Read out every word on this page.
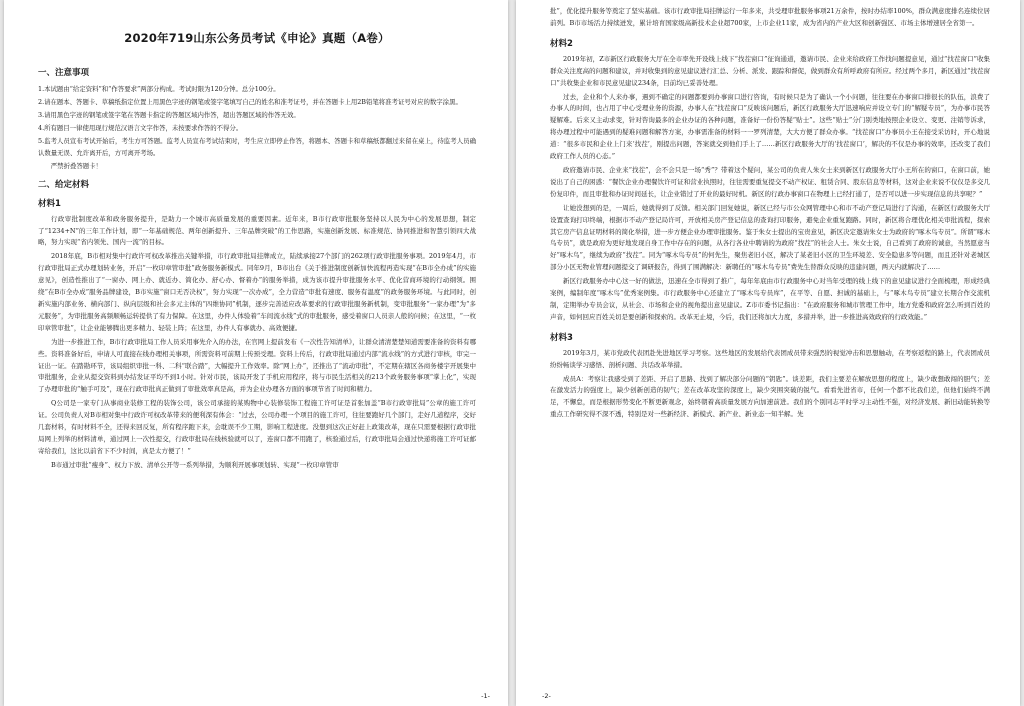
2020年719山东公务员考试《申论》真题（A卷）
一、注意事项

1.本试题由“给定资料”和“作答要求”两部分构成。考试时限为120分钟。总分100分。

2.请在题本、答题卡、草稿纸指定位置上用黑色字迹的钢笔或签字笔填写自己的姓名和准考证号，并在答题卡上用2B铅笔将准考证号对应的数字涂黑。

3.请用黑色字迹的钢笔或签字笔在答题卡指定的答题区域内作答，超出答题区域的作答无效。

4.所有题目一律使用现行规范汉语言文字作答，未按要求作答的不得分。

5.监考人员宣布考试开始后，考生方可答题。监考人员宣布考试结束时，考生应立即停止作答，将题本、答题卡和草稿纸都翻过来留在桌上，待监考人员确认数量无误、允许离开后，方可离开考场。

严禁折叠答题卡！

二、给定材料
材料1

行政审批制度改革和政务服务提升，是助力一个城市高质量发展的重要因素。近年来，B市行政审批服务坚持以人民为中心的发展思想，制定了“1234+N”的三年工作计划，即“一年基础规范、两年创新提升、三年品牌突破”的工作思路，实施创新发展、标准规范、协同推进和智慧引领四大战略，努力实现“省内领先、国内一流”的目标。

2018年底，B市相对集中行政许可权改革推出关键举措，市行政审批局挂牌成立，陆续承接27个部门的262项行政审批服务事项。2019年4月，市行政审批局正式办理划转业务，开启“一枚印章管审批”政务服务新模式。同年9月，B市出台《关于推进制度创新加快流程再造实现“在B市全办成”的实施意见》，创造性推出了“一窗办、网上办、就近办、简化办、舒心办、督着办”的服务举措，成为该市提升审批服务水平、优化营商环境的行动纲领。围绕“在B市全办成”服务品牌建设，B市实施“窗口无否决权”，努力实现“一次办成”，全力营造“审批有速度、服务有温度”的政务服务环境。与此同时，创新实施内部业务、横向部门、纵向层级和社会多元主体的“四维协同”机制，逐步完善适应改革要求的行政审批服务新机制，变审批服务“一家办理”为“多元服务”，为审批服务高频顺畅运转提供了有力保障。在这里，办件人体验着“车间流水线”式的审批服务，感受着窗口人员亲人般的问候；在这里，“一枚印章管审批”，让企业能够腾出更多精力、轻装上阵；在这里，办件人有事就办、高效便捷。

为进一步推进工作，B市行政审批局工作人员采用事先介入的办法，在官网上提前发布《一次性告知清单》，让群众清清楚楚知道需要准备的资料有哪些。资料准备好后，申请人可直接在线办理相关事项，所需资料可前期上传预受理。资料上传后，行政审批局通过内部“流水线”的方式进行审核，审完一证出一证。在踏勘环节，该局组织审批一科、二科“联合踏”，大幅提升工作效率。除“网上办”，还推出了“流动审批”，不定期在辖区各商务楼宇开展集中审批服务，企业从提交资料到办结发证平均不到1小时。针对市民，该局开发了手机应用程序，将与市民生活相关的213个政务服务事项“掌上化”，实现了办理审批的“触手可及”，现在行政审批真正做到了审批效率真是高，并为企业办理各方面的事项节省了时间和精力。

Q公司是一家专门从事商业装修工程的装饰公司，该公司承接的某购物中心装修装饰工程施工许可证是首张加盖“B市行政审批局”公章的施工许可证。公司负责人对B市相对集中行政许可权改革带来的便利深有体会：“过去，公司办理一个项目的施工许可，往往要跑好几个部门，走好几道程序，交好几套材料，有时材料不全，还得来回反复，所有程序跑下来，会耽误不少工期，影响工程进度。没想到这次正好赶上政策改革，现在只需要根据行政审批局网上列举的材料清单，通过网上一次性提交，行政审批局在线核验就可以了，连窗口都不用跑了，核验通过后，行政审批局会通过快递将施工许可证邮寄给我们，这比以前省下不少时间，真是太方便了！”

B市通过审批“瘦身”、权力下放、清单公开等一系列举措，为顺利开展事项划转、实现“一枚印章管审

-1-

批”，优化提升服务等奠定了坚实基础。该市行政审批局挂牌运行一年多来，共受理审批服务事项21万余件，按时办结率100%，群众满意度排名连续位居前列。B市市场活力持续迸发，累计培育国家级高新技术企业超700家，上市企业11家，成为省内的产业大区和创新强区、市场主体增速居全省第一。

材料2

2019年初，Z市新区行政服务大厅在全市率先开设线上线下“找茬窗口”征询通道，邀请市民、企业来给政府工作找问题提意见，通过“找茬窗口”收集群众关注度高的问题和建议，并对收集到的意见建议进行汇总、分析、派发、跟踪和督促，做到群众有所呼政府有所应。经过两个多月，新区通过“找茬窗口”共收集企业和市民意见建议234条，目前均已妥善处理。

过去，企业和个人来办事，遇到不确定的问题都要到办事窗口进行咨询，有时候只是为了确认一个小问题，往往要在办事窗口排很长的队伍，浪费了办事人的时间，也占用了中心受理业务的资源，办事人在“找茬窗口”反映该问题后，新区行政服务大厅迅速响应并设立专门的“解疑专员”，为办事市民答疑解难。后来又主动求变，针对咨询最多的企业办证的各种问题，准备好一份份答疑“贴士”。这些“贴士”分门别类地按照企业设立、变更、注销等诉求，将办理过程中可能遇到的疑难问题和解答方案，办事需准备的材料一一罗列清楚，大大方便了群众办事。“找茬窗口”办事员小王在接受采访时，开心地说道：“很多市民和企业上门来‘找茬’，刚提出问题，答案就交到他们手上了……新区行政服务大厅的‘找茬窗口’，解决的不仅是办事的效率，还改变了我们政府工作人员的心态。”

政府邀请市民、企业来“找茬”，会不会只是一场“秀”？带着这个疑问，某公司的负责人朱女士来到新区行政服务大厅小王所在的窗口，在窗口前，她说出了自己的困惑：“餐饮企业办理餐饮许可证和营业执照时，往往需要重复提交不动产权证、租赁合同、股东信息等材料，这对企业来说不仅仅是多交几份复印件，而且审批和办证时间延长，让企业错过了开业的最好时机。新区的行政办事窗口在物理上已经打通了，是否可以进一步实现信息的共享呢？”

让她没想到的是，一周后，她就得到了反馈。相关部门回复她说，新区已经与市公众网管理中心和市不动产登记局进行了沟通，在新区行政服务大厅设置查询打印终端，根据市不动产登记局许可，开放相关房产登记信息的查询打印服务，避免企业重复跑路。同时，新区将合理优化相关审批流程，探索其它房产信息证明材料的简化举措，进一步方便企业办理审批服务。鉴于朱女士提出的宝贵意见，新区决定邀请朱女士为政府的“啄木鸟专员”。所谓“啄木鸟专员”，就是政府为更好地发现自身工作中存在的问题，从各行各业中聘请的为政府“找茬”的社会人士。朱女士说，自己看到了政府的诚意，当然愿意当好“啄木鸟”，继续为政府“找茬”。同为“啄木鸟专员”的何先生，聚焦老旧小区，解决了某老旧小区的卫生环境差、安全隐患多等问题，而且还针对老城区部分小区无物业管理问题提交了调研报告，得到了围满解决：新聘任的“啄木鸟专员”费先生替群众反映的违建问题，两天内就解决了……

新区行政服务办中心这一好的做法，迅速在全市得到了推广，每年年底由市行政服务中心对当年受理的线上线下的意见建议进行全面梳理，形成经典案例，编制年度“啄木鸟”优秀案例集。市行政服务中心还建立了“啄木鸟专员库”，在平等、自愿、担诚的基础上，与“啄木鸟专员”建立长期合作交流机制，定期举办专员会议，从社会、市场和企业的视角提出意见建议。Z市市委书记指出：“在政府服务和城市管理工作中，地方党委和政府怎么听到百姓的声音，如何回应百姓关切是要创新和探索的。改革无止境，今后，我们还将加大力度，多措并举，进一步推进高效政府的行政效能。”

材料3

2019年3月，某市党政代表团赴先进地区学习考察。这些地区的发展给代表团成员带来强烈的视觉冲击和思想触动，在考察返程的路上，代表团成员纷纷畅谈学习感悟、剖析问题、共话改革举措。

成员A：考察让我感受到了差距、开启了思路、找到了解决部分问题的“钥匙”。谈差距，我们主要差在解放思想的程度上，缺少敢想敢闯的胆气；差在激发活力的强度上，缺少创新创造的韧气；差在改革攻坚的深度上，缺少突围突破的锐气。看看先进省市，任何一个都不比我们差，但他们始终不满足，不懈怠，而是根据形势变化不断更新观念，始终朝着高质量发展方向加速前进。我们的个别同志平时学习主动性不强，对经济发展、新旧动能转换等重点工作研究得不深不透，特别是对一些新经济、新模式、新产业、新业态一知半解。先

-2-
